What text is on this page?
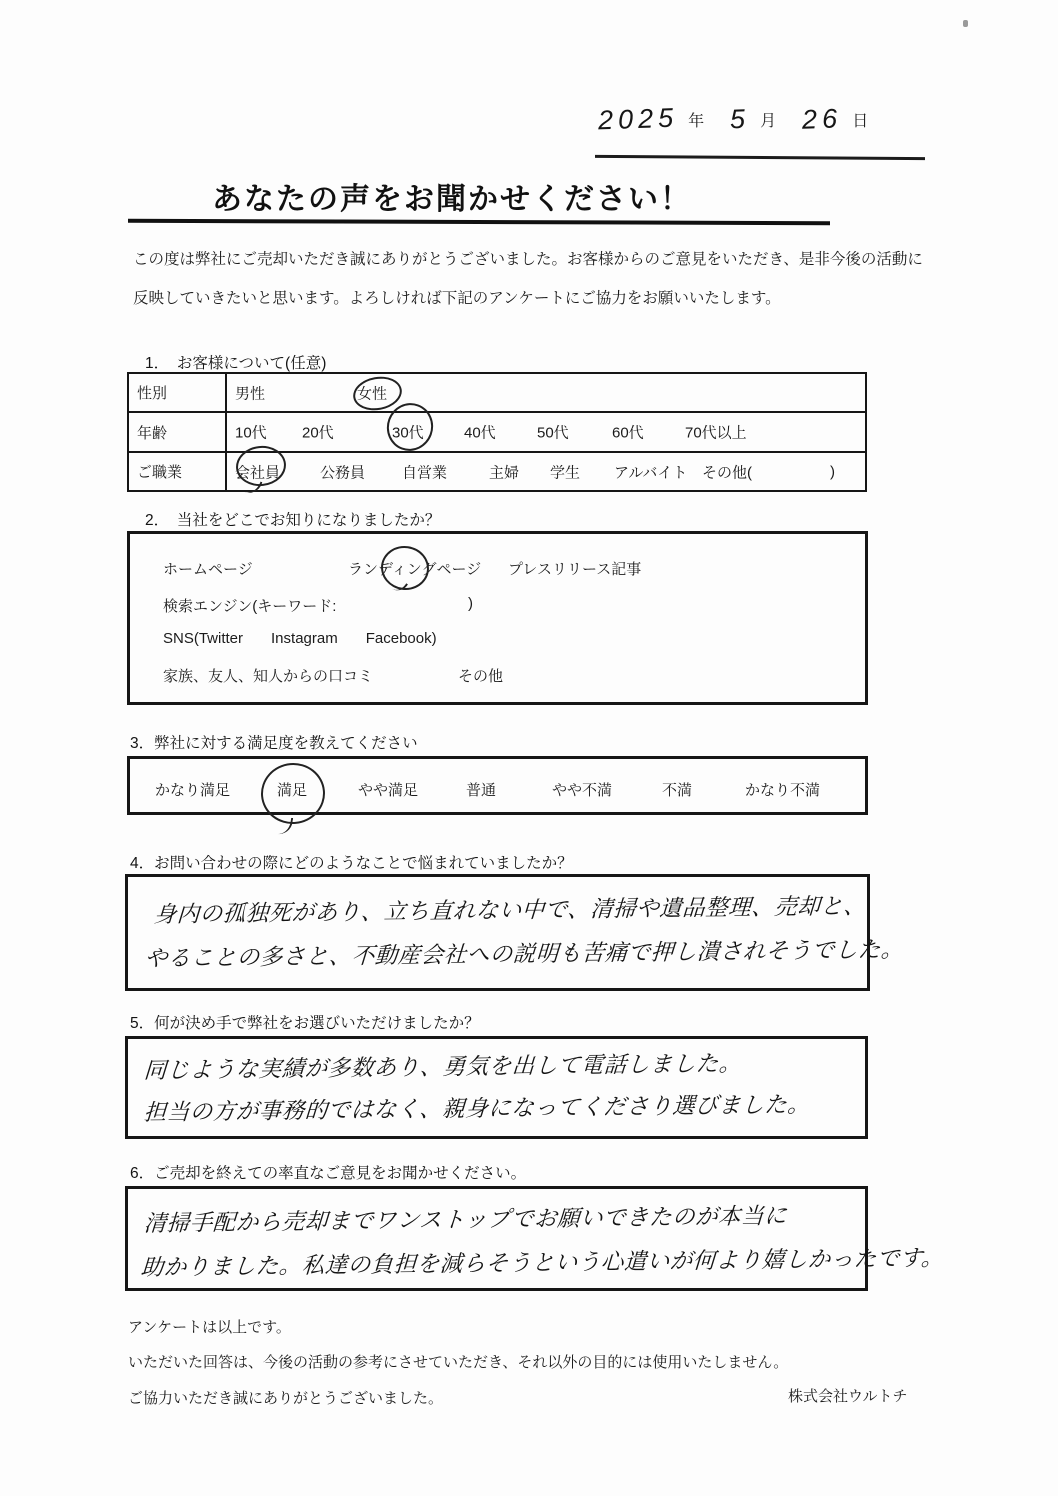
2025 年 5 月 26 日
あなたの声をお聞かせください！
この度は弊社にご売却いただき誠にありがとうございました。お客様からのご意見をいただき、是非今後の活動に
反映していきたいと思います。よろしければ下記のアンケートにご協力をお願いいたします。
1．　お客様について(任意)
性別	男性	女性
年齢	10代 20代	30代	40代	50代	60代	70代以上
ご職業	会社員	公務員 自営業	主婦 学生 アルバイト その他(	)
2．　当社をどこでお知りになりましたか？
ホームページ	ランディングページ プレスリリース記事
検索エンジン(キーワード:	)
SNS(Twitter Instagram Facebook)
家族、友人、知人からの口コミ	その他
3．弊社に対する満足度を教えてください
かなり満足	満足	やや満足	普通	やや不満	不満	かなり不満
4．お問い合わせの際にどのようなことで悩まれていましたか？
身内の孤独死があり、立ち直れない中で、清掃や遺品整理、売却と、
やることの多さと、不動産会社への説明も苦痛で押し潰されそうでした。
5．何が決め手で弊社をお選びいただけましたか？
同じような実績が多数あり、勇気を出して電話しました。
担当の方が事務的ではなく、親身になってくださり選びました。
6．ご売却を終えての率直なご意見をお聞かせください。
清掃手配から売却までワンストップでお願いできたのが本当に
助かりました。私達の負担を減らそうという心遣いが何より嬉しかったです。
アンケートは以上です。
いただいた回答は、今後の活動の参考にさせていただき、それ以外の目的には使用いたしません。
ご協力いただき誠にありがとうございました。	株式会社ウルトチ
